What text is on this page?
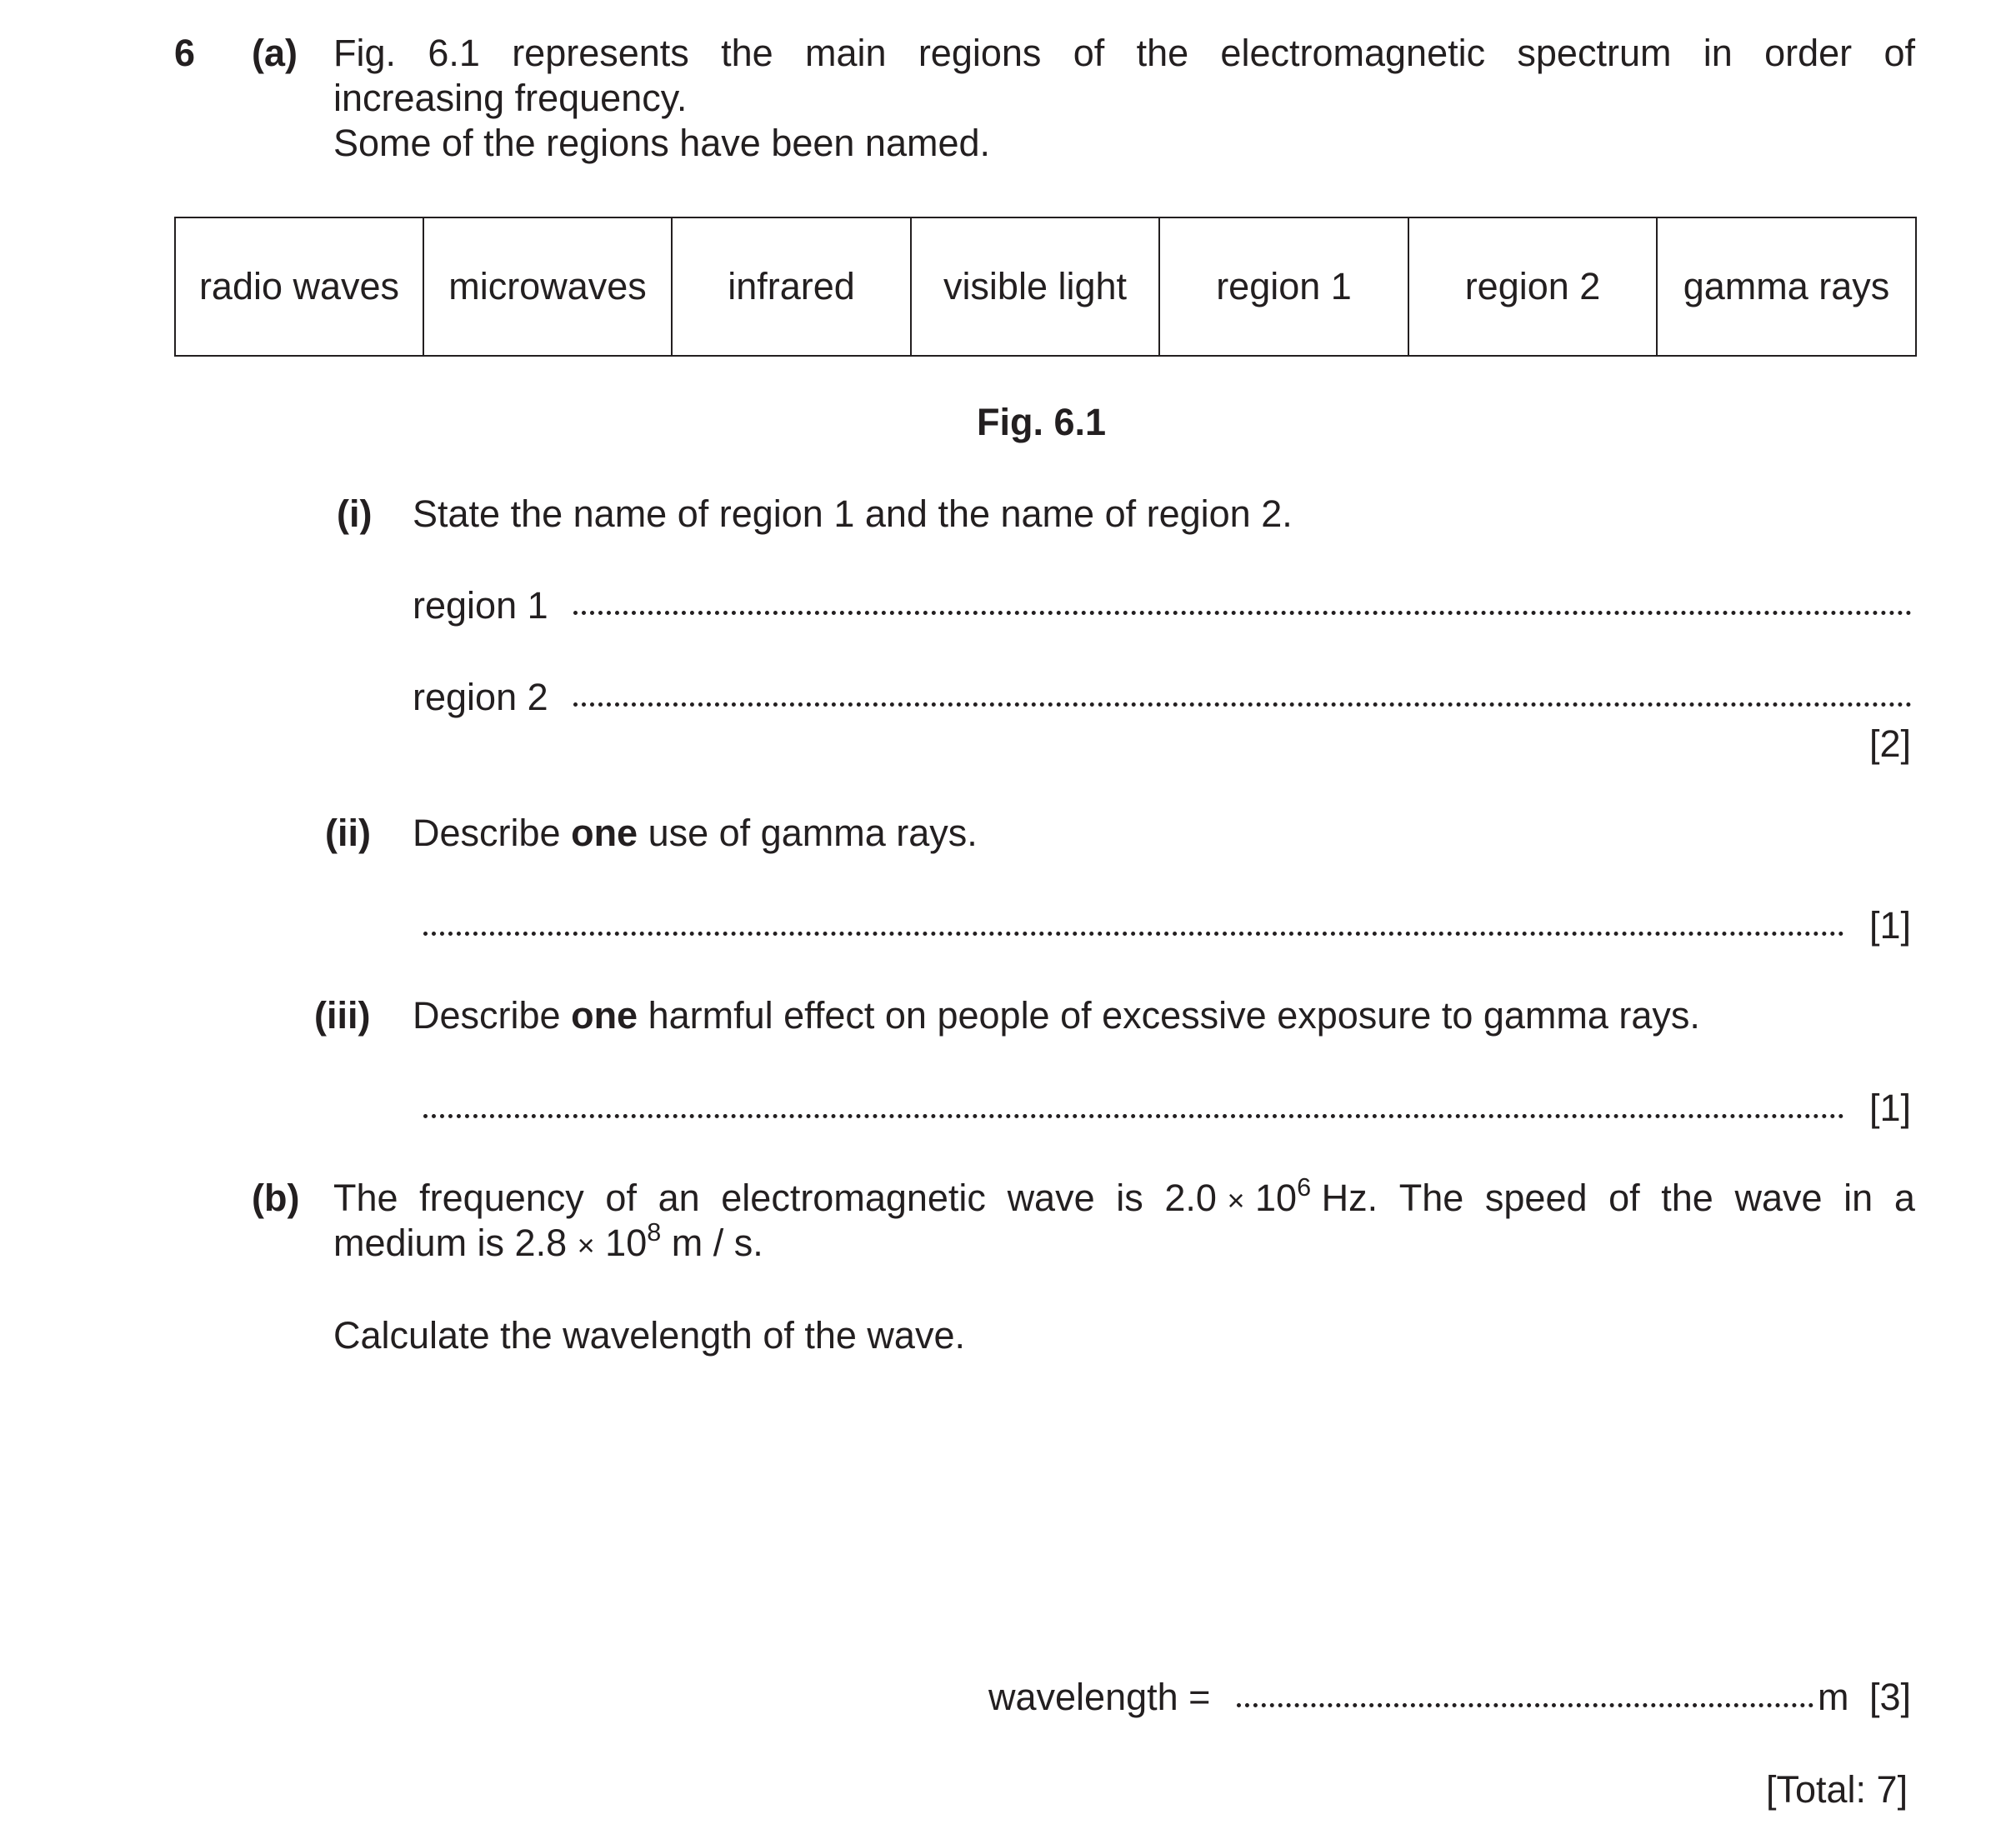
6 (a) Fig. 6.1 represents the main regions of the electromagnetic spectrum in order of
increasing frequency.
Some of the regions have been named.
radio waves	microwaves	infrared	visible light	region 1	region 2	gamma rays
Fig. 6.1
(i) State the name of region 1 and the name of region 2.
region 1
region 2
[2]
(ii) Describe one use of gamma rays.
[1]
(iii) Describe one harmful effect on people of excessive exposure to gamma rays.
[1]
(b) The frequency of an electromagnetic wave is $2.0 \times 10^6$ Hz. The speed of the wave in a
medium is $2.8 \times 10^8$ m / s.
Calculate the wavelength of the wave.
wavelength =	m [3]
[Total: 7]
